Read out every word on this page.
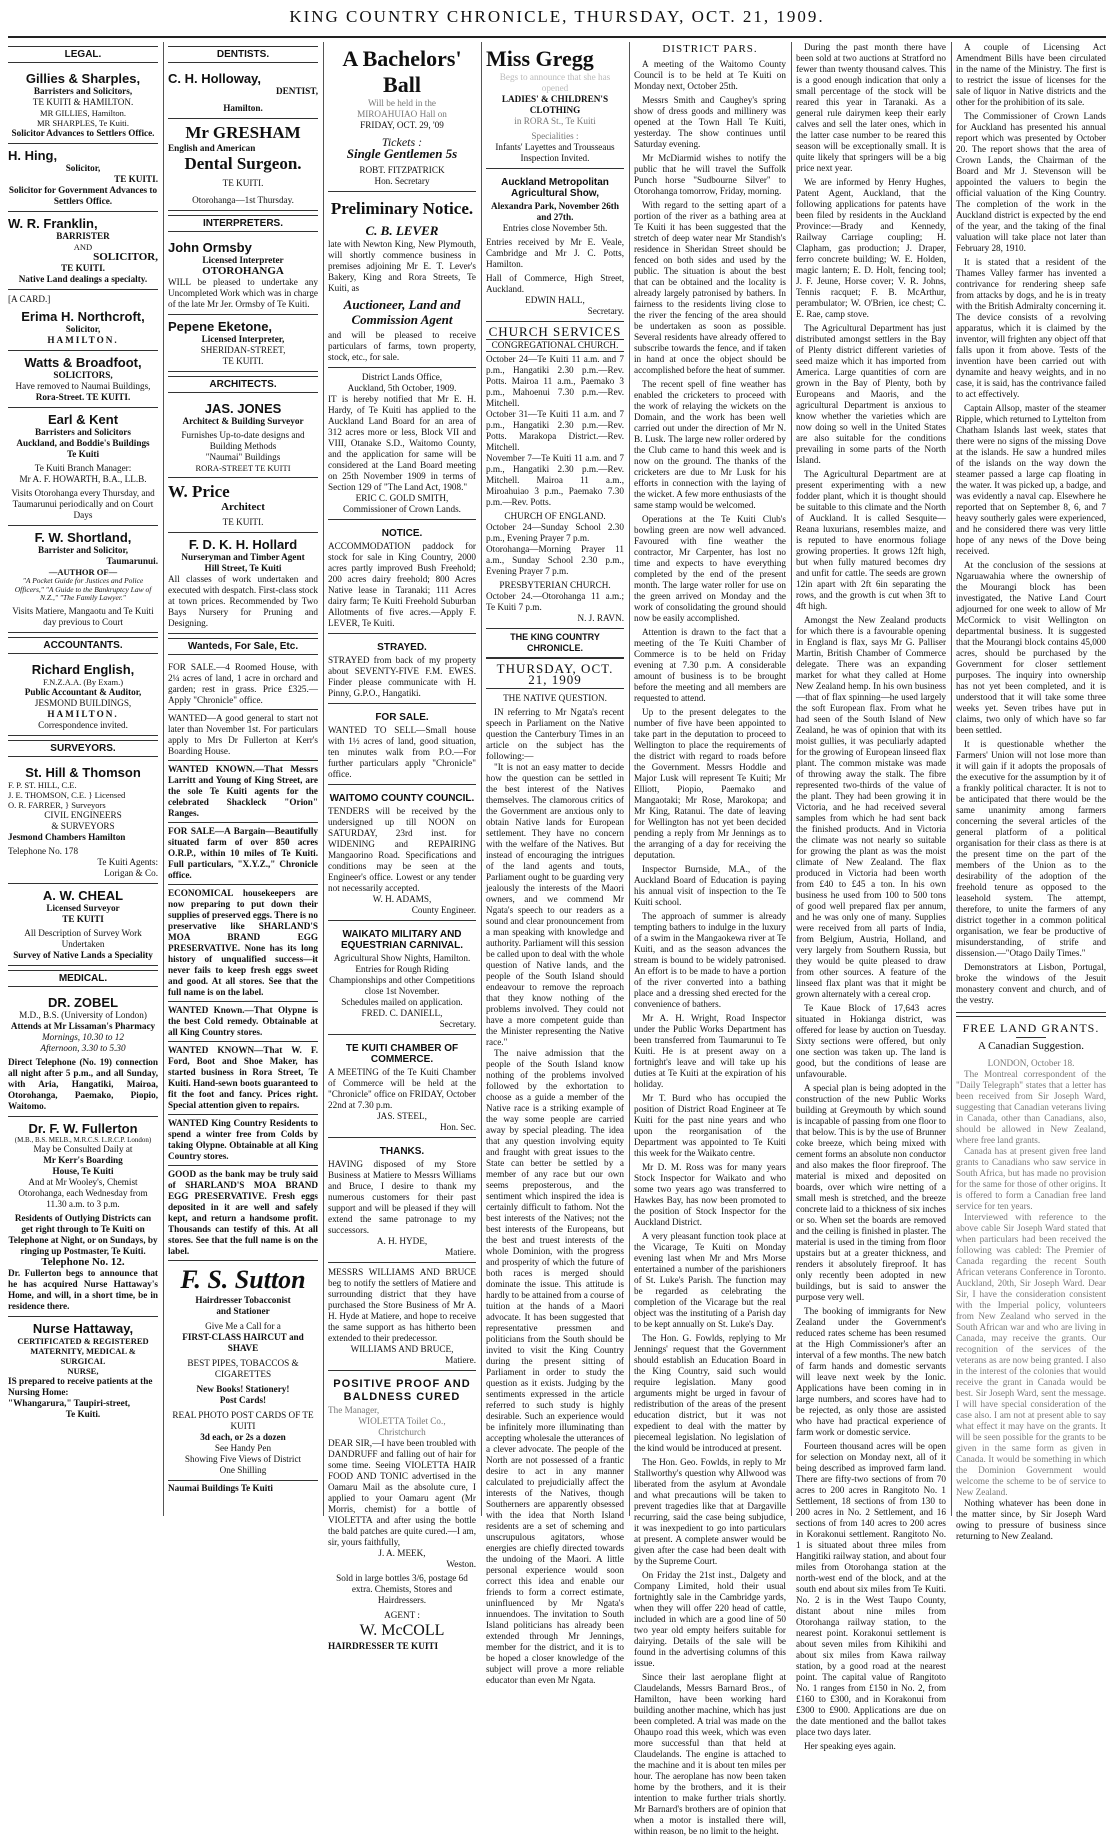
KING COUNTRY CHRONICLE, THURSDAY, OCT. 21, 1909.
LEGAL.
Gillies & Sharples,

Barristers and Solicitors,

TE KUITI & HAMILTON.

MR GILLIES, Hamilton.

MR SHARPLES, Te Kuiti.

Solicitor Advances to Settlers Office.

H. Hing,

Solicitor,

TE KUITI.

Solicitor for Government Advances to Settlers Office.

W. R. Franklin,

BARRISTER

AND

SOLICITOR,

TE KUITI.

Native Land dealings a specialty.

[A CARD.]

Erima H. Northcroft,

Solicitor,

HAMILTON.

Watts & Broadfoot,

SOLICITORS,

Have removed to Naumai Buildings,

Rora-Street. TE KUITI.

Earl & Kent

Barristers and Solicitors

Auckland, and Boddie's Buildings

Te Kuiti

Te Kuiti Branch Manager:

Mr A. F. HOWARTH, B.A., LL.B.

Visits Otorohanga every Thursday, and Taumarunui periodically and on Court Days

F. W. Shortland,

Barrister and Solicitor,

Taumarunui.

—AUTHOR OF—

"A Pocket Guide for Justices and Police Officers," "A Guide to the Bankruptcy Law of N.Z.," "The Family Lawyer."

Visits Matiere, Mangaotu and Te Kuiti day previous to Court

ACCOUNTANTS.
Richard English,

F.N.Z.A.A. (By Exam.)

Public Accountant & Auditor,

JESMOND BUILDINGS,

HAMILTON.

Correspondence invited.

SURVEYORS.
St. Hill & Thomson

F. P. ST. HILL, C.E.

J. E. THOMSON, C.E. } Licensed

O. R. FARRER, } Surveyors

CIVIL ENGINEERS

& SURVEYORS

Jesmond Chambers Hamilton

Telephone No. 178

Te Kuiti Agents:

Lorigan & Co.

A. W. CHEAL

Licensed Surveyor

TE KUITI

All Description of Survey Work

Undertaken

Survey of Native Lands a Speciality

MEDICAL.
DR. ZOBEL

M.D., B.S. (University of London)

Attends at Mr Lissaman's Pharmacy

Mornings, 10.30 to 12

Afternoon, 3.30 to 5.30

Direct Telephone (No. 19) connection all night after 5 p.m., and all Sunday, with Aria, Hangatiki, Mairoa, Otorohanga, Paemako, Piopio, Waitomo.

Dr. F. W. Fullerton

(M.B., B.S. MELB., M.R.C.S. L.R.C.P. London)

May be Consulted Daily at

Mr Kerr's Boarding

House, Te Kuiti

And at Mr Wooley's, Chemist Otorohanga, each Wednesday from 11.30 a.m. to 3 p.m.

Residents of Outlying Districts can get right through to Te Kuiti on Telephone at Night, or on Sundays, by ringing up Postmaster, Te Kuiti.

Telephone No. 12.

Dr. Fullerton begs to announce that he has acquired Nurse Hattaway's Home, and will, in a short time, be in residence there.

Nurse Hattaway,

CERTIFICATED & REGISTERED

MATERNITY, MEDICAL & SURGICAL

NURSE,

IS prepared to receive patients at the Nursing Home:

"Whangarura," Taupiri-street,

Te Kuiti.

DENTISTS.
C. H. Holloway,

DENTIST,

Hamilton.

Mr GRESHAM

English and American

Dental Surgeon.

TE KUITI.

Otorohanga—1st Thursday.

INTERPRETERS.
John Ormsby

Licensed Interpreter

OTOROHANGA

WILL be pleased to undertake any Uncompleted Work which was in charge of the late Mr Jer. Ormsby of Te Kuiti.

Pepene Eketone,

Licensed Interpreter,

SHERIDAN-STREET,

TE KUITI.

ARCHITECTS.
JAS. JONES

Architect & Building Surveyor

Furnishes Up-to-date designs and Building Methods

"Naumai" Buildings

RORA-STREET TE KUITI

W. Price

Architect

TE KUITI.

F. D. K. H. Hollard

Nurseryman and Timber Agent

Hill Street, Te Kuiti

All classes of work undertaken and executed with despatch. First-class stock at town prices. Recommended by Two Bays Nursery for Pruning and Designing.

Wanteds, For Sale, Etc.
FOR SALE.—4 Roomed House, with 2¼ acres of land, 1 acre in orchard and garden; rest in grass. Price £325.—Apply "Chronicle" office.
WANTED—A good general to start not later than November 1st. For particulars apply to Mrs Dr Fullerton at Kerr's Boarding House.
WANTED KNOWN.—That Messrs Larritt and Young of King Street, are the sole Te Kuiti agents for the celebrated Shackleck "Orion" Ranges.
FOR SALE—A Bargain—Beautifully situated farm of over 850 acres O.R.P., within 10 miles of Te Kuiti. Full particulars, "X.Y.Z.," Chronicle office.
ECONOMICAL housekeepers are now preparing to put down their supplies of preserved eggs. There is no preservative like SHARLAND'S MOA BRAND EGG PRESERVATIVE. None has its long history of unqualified success—it never fails to keep fresh eggs sweet and good. At all stores. See that the full name is on the label.
WANTED Known.—That Olypne is the best Cold remedy. Obtainable at all King Country stores.
WANTED KNOWN—That W. F. Ford, Boot and Shoe Maker, has started business in Rora Street, Te Kuiti. Hand-sewn boots guaranteed to fit the foot and fancy. Prices right. Special attention given to repairs.
WANTED King Country Residents to spend a winter free from Colds by taking Olypne. Obtainable at all King Country stores.
GOOD as the bank may be truly said of SHARLAND'S MOA BRAND EGG PRESERVATIVE. Fresh eggs deposited in it are well and safely kept, and return a handsome profit. Thousands can testify of this. At all stores. See that the full name is on the label.
F. S. Sutton

Hairdresser Tobacconist

and Stationer

Give Me a Call for a

FIRST-CLASS HAIRCUT and SHAVE

BEST PIPES, TOBACCOS & CIGARETTES

New Books! Stationery!

Post Cards!

REAL PHOTO POST CARDS OF TE KUITI

3d each, or 2s a dozen

See Handy Pen

Showing Five Views of District

One Shilling

Naumai Buildings Te Kuiti

A Bachelors' Ball

Will be held in the

MIROAHUIAO Hall on

FRIDAY, OCT. 29, '09

Tickets :

Single Gentlemen 5s

ROBT. FITZPATRICK

Hon. Secretary

Preliminary Notice.
C. B. LEVER

late with Newton King, New Plymouth, will shortly commence business in premises adjoining Mr E. T. Lever's Bakery, King and Rora Streets, Te Kuiti, as

Auctioneer, Land and Commission Agent

and will be pleased to receive particulars of farms, town property, stock, etc., for sale.

District Lands Office,

Auckland, 5th October, 1909.

IT is hereby notified that Mr E. H. Hardy, of Te Kuiti has applied to the Auckland Land Board for an area of 312 acres more or less, Block VII and VIII, Otanake S.D., Waitomo County, and the application for same will be considered at the Land Board meeting on 25th November 1909 in terms of Section 129 of "The Land Act, 1908."

ERIC C. GOLD SMITH,

Commissioner of Crown Lands.

NOTICE.

ACCOMMODATION paddock for stock for sale in King Country, 2000 acres partly improved Bush Freehold; 200 acres dairy freehold; 800 Acres Native lease in Taranaki; 111 Acres dairy farm; Te Kuiti Freehold Suburban Allotments of five acres.—Apply F. LEVER, Te Kuiti.

STRAYED.

STRAYED from back of my property about SEVENTY-FIVE F.M. EWES. Finder please communicate with H. Pinny, G.P.O., Hangatiki.

FOR SALE.

WANTED TO SELL—Small house with 1½ acres of land, good situation, ten minutes walk from P.O.—For further particulars apply "Chronicle" office.

WAITOMO COUNTY COUNCIL.

TENDERS will be received by the undersigned up till NOON on SATURDAY, 23rd inst. for WIDENING and REPAIRING Mangaorino Road. Specifications and conditions may be seen at the Engineer's office. Lowest or any tender not necessarily accepted.

W. H. ADAMS,

County Engineer.

WAIKATO MILITARY AND EQUESTRIAN CARNIVAL.

Agricultural Show Nights, Hamilton.

Entries for Rough Riding Championships and other Competitions close 1st November.

Schedules mailed on application.

FRED. C. DANIELL,

Secretary.

TE KUITI CHAMBER OF COMMERCE.

A MEETING of the Te Kuiti Chamber of Commerce will be held at the "Chronicle" office on FRIDAY, October 22nd at 7.30 p.m.

JAS. STEEL,

Hon. Sec.

THANKS.

HAVING disposed of my Store Business at Matiere to Messrs Williams and Bruce, I desire to thank my numerous customers for their past support and will be pleased if they will extend the same patronage to my successors.

A. H. HYDE,

Matiere.

MESSRS WILLIAMS AND BRUCE beg to notify the settlers of Matiere and surrounding district that they have purchased the Store Business of Mr A. H. Hyde at Matiere, and hope to receive the same support as has hitherto been extended to their predecessor.

WILLIAMS AND BRUCE,

Matiere.

POSITIVE PROOF AND
BALDNESS CURED

The Manager,

WIOLETTA Toilet Co.,

Christchurch

DEAR SIR,—I have been troubled with DANDRUFF and falling out of hair for some time. Seeing VIOLETTA HAIR FOOD AND TONIC advertised in the Oamaru Mail as the absolute cure, I applied to your Oamaru agent (Mr Morris, chemist) for a bottle of VIOLETTA and after using the bottle the bald patches are quite cured.—I am, sir, yours faithfully,

J. A. MEEK,

Weston.

Sold in large bottles 3/6, postage 6d extra. Chemists, Stores and Hairdressers.

AGENT :

W. McCOLL

HAIRDRESSER TE KUITI

Miss Gregg

Begs to announce that she has

opened

LADIES' & CHILDREN'S CLOTHING

in RORA St., Te Kuiti

Specialities :

Infants' Layettes and Trousseaus

Inspection Invited.

Auckland Metropolitan Agricultural Show,

Alexandra Park, November 26th and 27th.

Entries close November 5th.

Entries received by Mr E. Veale, Cambridge and Mr J. C. Potts, Hamilton.

Hall of Commerce, High Street, Auckland.

EDWIN HALL,

Secretary.

CHURCH SERVICES

CONGREGATIONAL CHURCH.

October 24—Te Kuiti 11 a.m. and 7 p.m., Hangatiki 2.30 p.m.—Rev. Potts. Mairoa 11 a.m., Paemako 3 p.m., Mahoenui 7.30 p.m.—Rev. Mitchell.

October 31—Te Kuiti 11 a.m. and 7 p.m., Hangatiki 2.30 p.m.—Rev. Potts. Marakopa District.—Rev. Mitchell.

November 7—Te Kuiti 11 a.m. and 7 p.m., Hangatiki 2.30 p.m.—Rev. Mitchell. Mairoa 11 a.m., Miroahuiao 3 p.m., Paemako 7.30 p.m.—Rev. Potts.

CHURCH OF ENGLAND.

October 24—Sunday School 2.30 p.m., Evening Prayer 7 p.m.

Otorohanga—Morning Prayer 11 a.m., Sunday School 2.30 p.m., Evening Prayer 7 p.m.

PRESBYTERIAN CHURCH.

October 24.—Otorohanga 11 a.m.; Te Kuiti 7 p.m.

N. J. RAVN.

THE KING COUNTRY CHRONICLE.
THURSDAY, OCT. 21, 1909
THE NATIVE QUESTION.

IN referring to Mr Ngata's recent speech in Parliament on the Native question the Canterbury Times in an article on the subject has the following:—

"It is not an easy matter to decide how the question can be settled in the best interest of the Natives themselves. The clamorous critics of the Government are anxious only to obtain Native lands for European settlement. They have no concern with the welfare of the Natives. But instead of encouraging the intrigues of the land agents and touts, Parliament ought to be guarding very jealously the interests of the Maori owners, and we commend Mr Ngata's speech to our readers as a sound and clear pronouncement from a man speaking with knowledge and authority. Parliament will this session be called upon to deal with the whole question of Native lands, and the people of the South Island should endeavour to remove the reproach that they know nothing of the problems involved. They could not have a more competent guide than the Minister representing the Native race."

The naive admission that the people of the South Island know nothing of the problems involved followed by the exhortation to choose as a guide a member of the Native race is a striking example of the way some people are carried away by special pleading. The idea that any question involving equity and fraught with great issues to the State can better be settled by a member of any race but our own seems preposterous, and the sentiment which inspired the idea is certainly difficult to fathom. Not the best interests of the Natives; not the best interests of the Europeans, but the best and truest interests of the whole Dominion, with the progress and prosperity of which the future of both races is merged should dominate the issue. This attitude is hardly to be attained from a course of tuition at the hands of a Maori advocate. It has been suggested that representative pressmen and politicians from the South should be invited to visit the King Country during the present sitting of Parliament in order to study the question as it exists. Judging by the sentiments expressed in the article referred to such study is highly desirable. Such an experience would be infinitely more illuminating than accepting wholesale the utterances of a clever advocate. The people of the North are not possessed of a frantic desire to act in any manner calculated to prejudicially affect the interests of the Natives, though Southerners are apparently obsessed with the idea that North Island residents are a set of scheming and unscrupulous agitators, whose energies are chiefly directed towards the undoing of the Maori. A little personal experience would soon correct this idea and enable our friends to form a correct estimate, uninfluenced by Mr Ngata's innuendoes. The invitation to South Island politicians has already been extended through Mr Jennings, member for the district, and it is to be hoped a closer knowledge of the subject will prove a more reliable educator than even Mr Ngata.

DISTRICT PARS.

A meeting of the Waitomo County Council is to be held at Te Kuiti on Monday next, October 25th.

Messrs Smith and Caughey's spring show of dress goods and millinery was opened at the Town Hall Te Kuiti, yesterday. The show continues until Saturday evening.

Mr McDiarmid wishes to notify the public that he will travel the Suffolk Punch horse "Sudbourne Silver" to Otorohanga tomorrow, Friday, morning.

With regard to the setting apart of a portion of the river as a bathing area at Te Kuiti it has been suggested that the stretch of deep water near Mr Standish's residence in Sheridan Street should be fenced on both sides and used by the public. The situation is about the best that can be obtained and the locality is already largely patronised by bathers. In fairness to the residents living close to the river the fencing of the area should be undertaken as soon as possible. Several residents have already offered to subscribe towards the fence, and if taken in hand at once the object should be accomplished before the heat of summer.

The recent spell of fine weather has enabled the cricketers to proceed with the work of relaying the wickets on the Domain, and the work has been well carried out under the direction of Mr N. B. Lusk. The large new roller ordered by the Club came to hand this week and is now on the ground. The thanks of the cricketers are due to Mr Lusk for his efforts in connection with the laying of the wicket. A few more enthusiasts of the same stamp would be welcomed.

Operations at the Te Kuiti Club's bowling green are now well advanced. Favoured with fine weather the contractor, Mr Carpenter, has lost no time and expects to have everything completed by the end of the present month. The large water roller for use on the green arrived on Monday and the work of consolidating the ground should now be easily accomplished.

Attention is drawn to the fact that a meeting of the Te Kuiti Chamber of Commerce is to be held on Friday evening at 7.30 p.m. A considerable amount of business is to be brought before the meeting and all members are requested to attend.

Up to the present delegates to the number of five have been appointed to take part in the deputation to proceed to Wellington to place the requirements of the district with regard to roads before the Government. Messrs Hoddle and Major Lusk will represent Te Kuiti; Mr Elliott, Piopio, Paemako and Mangaotaki; Mr Rose, Marokopa; and Mr King, Ratanui. The date of leaving for Wellington has not yet been decided pending a reply from Mr Jennings as to the arranging of a day for receiving the deputation.

Inspector Burnside, M.A., of the Auckland Board of Education is paying his annual visit of inspection to the Te Kuiti school.

The approach of summer is already tempting bathers to indulge in the luxury of a swim in the Mangaokewa river at Te Kuiti, and as the season advances the stream is bound to be widely patronised. An effort is to be made to have a portion of the river converted into a bathing place and a dressing shed erected for the convenience of bathers.

Mr A. H. Wright, Road Inspector under the Public Works Department has been transferred from Taumarunui to Te Kuiti. He is at present away on a fortnight's leave and will take up his duties at Te Kuiti at the expiration of his holiday.

Mr T. Burd who has occupied the position of District Road Engineer at Te Kuiti for the past nine years and who upon the reorganisation of the Department was appointed to Te Kuiti this week for the Waikato centre.

Mr D. M. Ross was for many years Stock Inspector for Waikato and who some two years ago was transferred to Hawkes Bay, has now been promoted to the position of Stock Inspector for the Auckland District.

A very pleasant function took place at the Vicarage, Te Kuiti on Monday evening last when Mr and Mrs Morse entertained a number of the parishioners of St. Luke's Parish. The function may be regarded as celebrating the completion of the Vicarage but the real object was the instituting of a Parish day to be kept annually on St. Luke's Day.

The Hon. G. Fowlds, replying to Mr Jennings' request that the Government should establish an Education Board in the King Country, said such would require legislation. Many good arguments might be urged in favour of redistribution of the areas of the present education district, but it was not expedient to deal with the matter by piecemeal legislation. No legislation of the kind would be introduced at present.

The Hon. Geo. Fowlds, in reply to Mr Stallworthy's question why Allwood was liberated from the asylum at Avondale and what precautions will be taken to prevent tragedies like that at Dargaville recurring, said the case being subjudice, it was inexpedient to go into particulars at present. A complete answer would be given after the case had been dealt with by the Supreme Court.

On Friday the 21st inst., Dalgety and Company Limited, hold their usual fortnightly sale in the Cambridge yards, when they will offer 220 head of cattle, included in which are a good line of 50 two year old empty heifers suitable for dairying. Details of the sale will be found in the advertising columns of this issue.

Since their last aeroplane flight at Claudelands, Messrs Barnard Bros., of Hamilton, have been working hard building another machine, which has just been completed. A trial was made on the Ohaupo road this week, which was even more successful than that held at Claudelands. The engine is attached to the machine and it is about ten miles per hour. The aeroplane has now been taken home by the brothers, and it is their intention to make further trials shortly. Mr Barnard's brothers are of opinion that when a motor is installed there will, within reason, be no limit to the height.

During the past month there have been sold at two auctions at Stratford no fewer than twenty thousand calves. This is a good enough indication that only a small percentage of the stock will be reared this year in Taranaki. As a general rule dairymen keep their early calves and sell the later ones, which in the latter case number to be reared this season will be exceptionally small. It is quite likely that springers will be a big price next year.

We are informed by Henry Hughes, Patent Agent, Auckland, that the following applications for patents have been filed by residents in the Auckland Province:—Brady and Kennedy, Railway Carriage coupling; H. Clapham, gas production; J. Draper, ferro concrete building; W. E. Holden, magic lantern; E. D. Holt, fencing tool; J. F. Jeune, Horse cover; V. R. Johns, Tennis racquet; F. B. McArthur, perambulator; W. O'Brien, ice chest; C. E. Rae, camp stove.

The Agricultural Department has just distributed amongst settlers in the Bay of Plenty district different varieties of seed maize which it has imported from America. Large quantities of corn are grown in the Bay of Plenty, both by Europeans and Maoris, and the agricultural Department is anxious to know whether the varieties which are now doing so well in the United States are also suitable for the conditions prevailing in some parts of the North Island.

The Agricultural Department are at present experimenting with a new fodder plant, which it is thought should be suitable to this climate and the North of Auckland. It is called Sesquite—Reana luxurians, resembles maize, and is reputed to have enormous foliage growing properties. It grows 12ft high, but when fully matured becomes dry and unfit for cattle. The seeds are grown 12in apart with 2ft 6in separating the rows, and the growth is cut when 3ft to 4ft high.

Amongst the New Zealand products for which there is a favourable opening in England is flax, says Mr G. Palliser Martin, British Chamber of Commerce delegate. There was an expanding market for what they called at Home New Zealand hemp. In his own business—that of flax spinning—he used largely the soft European flax. From what he had seen of the South Island of New Zealand, he was of opinion that with its moist gullies, it was peculiarly adapted for the growing of European linseed flax plant. The common mistake was made of throwing away the stalk. The fibre represented two-thirds of the value of the plant. They had been growing it in Victoria, and he had received several samples from which he had sent back the finished products. And in Victoria the climate was not nearly so suitable for growing the plant as was the moist climate of New Zealand. The flax produced in Victoria had been worth from £40 to £45 a ton. In his own business he used from 100 to 500 tons of good well prepared flax per annum, and he was only one of many. Supplies were received from all parts of India, from Belgium, Austria, Holland, and very largely from Southern Russia, but they would be quite pleased to draw from other sources. A feature of the linseed flax plant was that it might be grown alternately with a cereal crop.

Te Kaue Block of 17,643 acres situated in Hokianga district, was offered for lease by auction on Tuesday. Sixty sections were offered, but only one section was taken up. The land is good, but the conditions of lease are unfavourable.

A special plan is being adopted in the construction of the new Public Works building at Greymouth by which sound is incapable of passing from one floor to that below. This is by the use of Brunner coke breeze, which being mixed with cement forms an absolute non conductor and also makes the floor fireproof. The material is mixed and deposited on boards, over which wire netting of a small mesh is stretched, and the breeze concrete laid to a thickness of six inches or so. When set the boards are removed and the ceiling is finished in plaster. The material is used in the timing from floor upstairs but at a greater thickness, and renders it absolutely fireproof. It has only recently been adopted in new buildings, but is said to answer the purpose very well.

The booking of immigrants for New Zealand under the Government's reduced rates scheme has been resumed at the High Commissioner's after an interval of a few months. The new batch of farm hands and domestic servants will leave next week by the Ionic. Applications have been coming in in large numbers, and scores have had to be rejected, as only those are assisted who have had practical experience of farm work or domestic service.

Fourteen thousand acres will be open for selection on Monday next, all of it being described as improved farm land. There are fifty-two sections of from 70 acres to 200 acres in Rangitoto No. 1 Settlement, 18 sections of from 130 to 200 acres in No. 2 Settlement, and 16 sections of from 140 acres to 200 acres in Korakonui settlement. Rangitoto No. 1 is situated about three miles from Hangitiki railway station, and about four miles from Otorohanga station at the north-west end of the block, and at the south end about six miles from Te Kuiti. No. 2 is in the West Taupo County, distant about nine miles from Otorohanga railway station, to the nearest point. Korakonui settlement is about seven miles from Kihikihi and about six miles from Kawa railway station, by a good road at the nearest point. The capital value of Rangitoto No. 1 ranges from £150 in No. 2, from £160 to £300, and in Korakonui from £300 to £900. Applications are due on the date mentioned and the ballot takes place two days later.

Her speaking eyes again.

A couple of Licensing Act Amendment Bills have been circulated in the name of the Ministry. The first is to restrict the issue of licenses for the sale of liquor in Native districts and the other for the prohibition of its sale.

The Commissioner of Crown Lands for Auckland has presented his annual report which was presented by October 20. The report shows that the area of Crown Lands, the Chairman of the Board and Mr J. Stevenson will be appointed the valuers to begin the official valuation of the King Country. The completion of the work in the Auckland district is expected by the end of the year, and the taking of the final valuation will take place not later than February 28, 1910.

It is stated that a resident of the Thames Valley farmer has invented a contrivance for rendering sheep safe from attacks by dogs, and he is in treaty with the British Admiralty concerning it. The device consists of a revolving apparatus, which it is claimed by the inventor, will frighten any object off that falls upon it from above. Tests of the invention have been carried out with dynamite and heavy weights, and in no case, it is said, has the contrivance failed to act effectively.

Captain Allsop, master of the steamer Ripple, which returned to Lyttelton from Chatham Islands last week, states that there were no signs of the missing Dove at the islands. He saw a hundred miles of the islands on the way down the steamer passed a large cap floating in the water. It was picked up, a badge, and was evidently a naval cap. Elsewhere he reported that on September 8, 6, and 7 heavy southerly gales were experienced, and he considered there was very little hope of any news of the Dove being received.

At the conclusion of the sessions at Ngaruawahia where the ownership of the Mourangi block has been investigated, the Native Land Court adjourned for one week to allow of Mr McCormick to visit Wellington on departmental business. It is suggested that the Mourangi block contains 45,000 acres, should be purchased by the Government for closer settlement purposes. The inquiry into ownership has not yet been completed, and it is understood that it will take some three weeks yet. Seven tribes have put in claims, two only of which have so far been settled.

It is questionable whether the Farmers' Union will not lose more than it will gain if it adopts the proposals of the executive for the assumption by it of a frankly political character. It is not to be anticipated that there would be the same unanimity among farmers concerning the several articles of the general platform of a political organisation for their class as there is at the present time on the part of the members of the Union as to the desirability of the adoption of the freehold tenure as opposed to the leasehold system. The attempt, therefore, to unite the farmers of any district together in a common political organisation, we fear be productive of misunderstanding, of strife and dissension.—"Otago Daily Times."

Demonstrators at Lisbon, Portugal, broke the windows of the Jesuit monastery convent and church, and of the vestry.

FREE LAND GRANTS.
A Canadian Suggestion.

LONDON, October 18.

The Montreal correspondent of the "Daily Telegraph" states that a letter has been received from Sir Joseph Ward, suggesting that Canadian veterans living in Canada, other than Canadians, also, should be allowed in New Zealand, where free land grants.

Canada has at present given free land grants to Canadians who saw service in South Africa, but has made no provision for the same for those of other origins. It is offered to form a Canadian free land service for ten years.

Interviewed with reference to the above cable Sir Joseph Ward stated that when particulars had been received the following was cabled: The Premier of Canada regarding the recent South African veterans Conference in Toronto. Auckland, 20th, Sir Joseph Ward. Dear Sir, I have the consideration consistent with the Imperial policy, volunteers from New Zealand who served in the South African war and who are living in Canada, may receive the grants. Our recognition of the services of the veterans as are now being granted. I also in the interest of the colonies that would receive the grant in Canada would be best. Sir Joseph Ward, sent the message. I will have special consideration of the case also. I am not at present able to say what effect it may have on the grants. It will be seen possible for the grants to be given in the same form as given in Canada. It would be something in which the Dominion Government would welcome the scheme to be of service to New Zealand.

Nothing whatever has been done in the matter since, by Sir Joseph Ward owing to pressure of business since returning to New Zealand.
